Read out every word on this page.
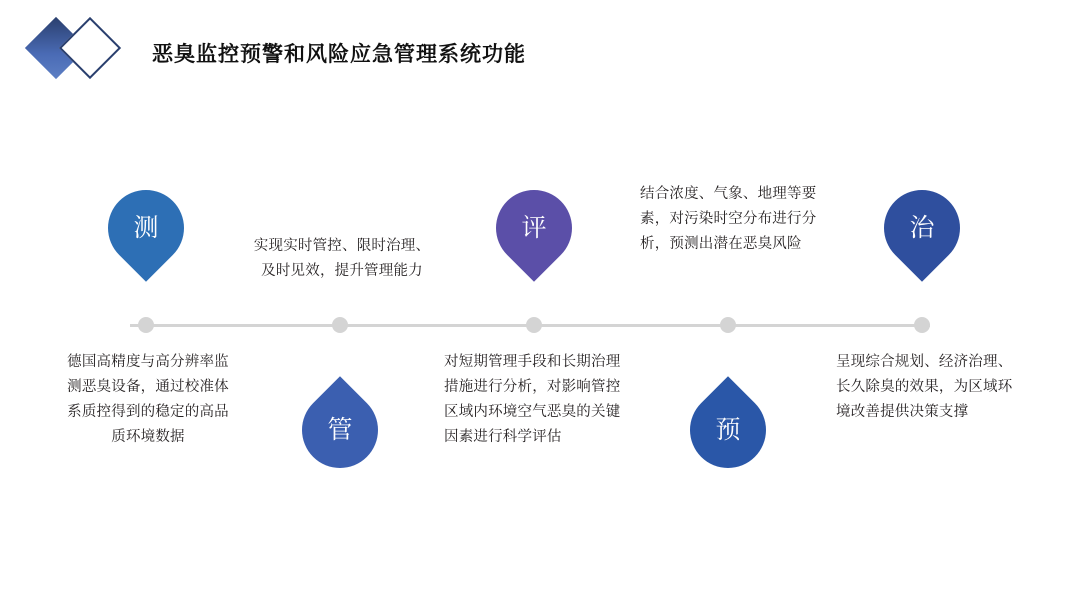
恶臭监控预警和风险应急管理系统功能
测
德国高精度与高分辨率监测恶臭设备，通过校准体系质控得到的稳定的高品质环境数据	管
实现实时管控、限时治理、及时见效，提升管理能力
评
对短期管理手段和长期治理措施进行分析，对影响管控区域内环境空气恶臭的关键因素进行科学评估	预
结合浓度、气象、地理等要素，对污染时空分布进行分析，预测出潜在恶臭风险
治
呈现综合规划、经济治理、长久除臭的效果，为区域环境改善提供决策支撑
